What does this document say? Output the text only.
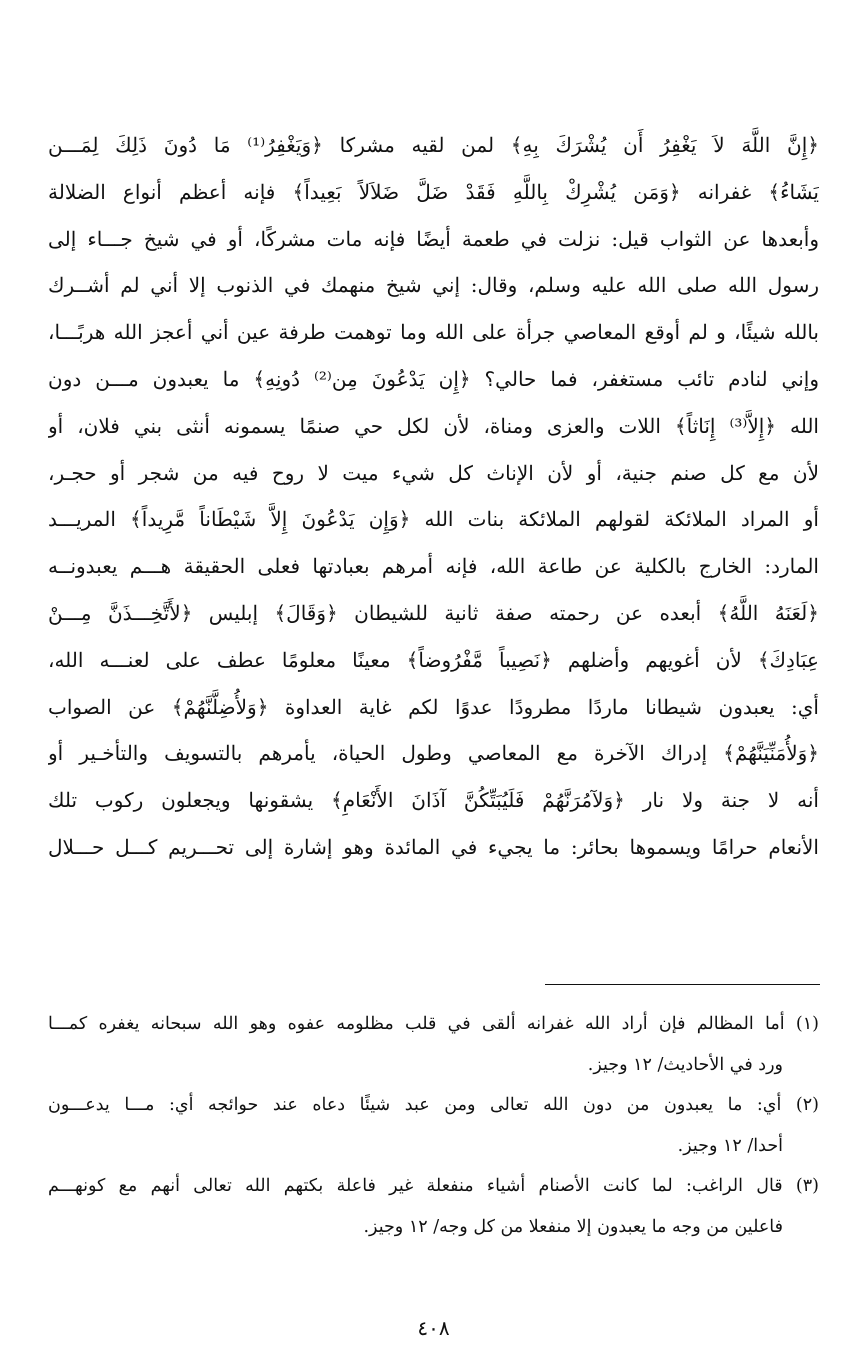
﴿إِنَّ اللَّهَ لاَ يَغْفِرُ أَن يُشْرَكَ بِهِ﴾ لمن لقيه مشركا ﴿وَيَغْفِرُ⁽¹⁾ مَا دُونَ ذَلِكَ لِمَـــن
يَشَاءُ﴾ غفرانه ﴿وَمَن يُشْرِكْ بِاللَّهِ فَقَدْ ضَلَّ ضَلاَلاً بَعِيداً﴾ فإنه أعظم أنواع الضلالة
وأبعدها عن الثواب قيل: نزلت في طعمة أيضًا فإنه مات مشركًا، أو في شيخ جـــاء إلى
رسول الله صلى الله عليه وسلم، وقال: إني شيخ منهمك في الذنوب إلا أني لم أشــرك
بالله شيئًا، و لم أوقع المعاصي جرأة على الله وما توهمت طرفة عين أني أعجز الله هربًـــا،
وإني لنادم تائب مستغفر، فما حالي؟ ﴿إِن يَدْعُونَ مِن⁽²⁾ دُونِهِ﴾ ما يعبدون مـــن دون
الله ﴿إِلاَّ⁽³⁾ إِنَاثاً﴾ اللات والعزى ومناة، لأن لكل حي صنمًا يسمونه أنثى بني فلان، أو
لأن مع كل صنم جنية، أو لأن الإناث كل شيء ميت لا روح فيه من شجر أو حجـر،
أو المراد الملائكة لقولهم الملائكة بنات الله ﴿وَإِن يَدْعُونَ إِلاَّ شَيْطَاناً مَّرِيداً﴾ المريـــد
المارد: الخارج بالكلية عن طاعة الله، فإنه أمرهم بعبادتها فعلى الحقيقة هـــم يعبدونــه
﴿لَعَنَهُ اللَّهُ﴾ أبعده عن رحمته صفة ثانية للشيطان ﴿وَقَالَ﴾ إبليس ﴿لأَتَّخِـــذَنَّ مِـــنْ
عِبَادِكَ﴾ لأن أغويهم وأضلهم ﴿نَصِيباً مَّفْرُوضاً﴾ معينًا معلومًا عطف على لعنـــه الله،
أي: يعبدون شيطانا ماردًا مطرودًا عدوًا لكم غاية العداوة ﴿وَلأُضِلَّنَّهُمْ﴾ عن الصواب
﴿وَلأُمَنِّيَنَّهُمْ﴾ إدراك الآخرة مع المعاصي وطول الحياة، يأمرهم بالتسويف والتأخـير أو
أنه لا جنة ولا نار ﴿وَلآمُرَنَّهُمْ فَلَيُبَتِّكُنَّ آذَانَ الأَنْعَامِ﴾ يشقونها ويجعلون ركوب تلك
الأنعام حرامًا ويسموها بحائر: ما يجيء في المائدة وهو إشارة إلى تحـــريم كـــل حـــلال
(١) أما المظالم فإن أراد الله غفرانه ألقى في قلب مظلومه عفوه وهو الله سبحانه يغفره كمـــا
ورد في الأحاديث/ ١٢ وجيز.
(٢) أي: ما يعبدون من دون الله تعالى ومن عبد شيئًا دعاه عند حوائجه أي: مـــا يدعـــون
أحدا/ ١٢ وجيز.
(٣) قال الراغب: لما كانت الأصنام أشياء منفعلة غير فاعلة بكتهم الله تعالى أنهم مع كونهـــم
فاعلين من وجه ما يعبدون إلا منفعلا من كل وجه/ ١٢ وجيز.
٤٠٨
